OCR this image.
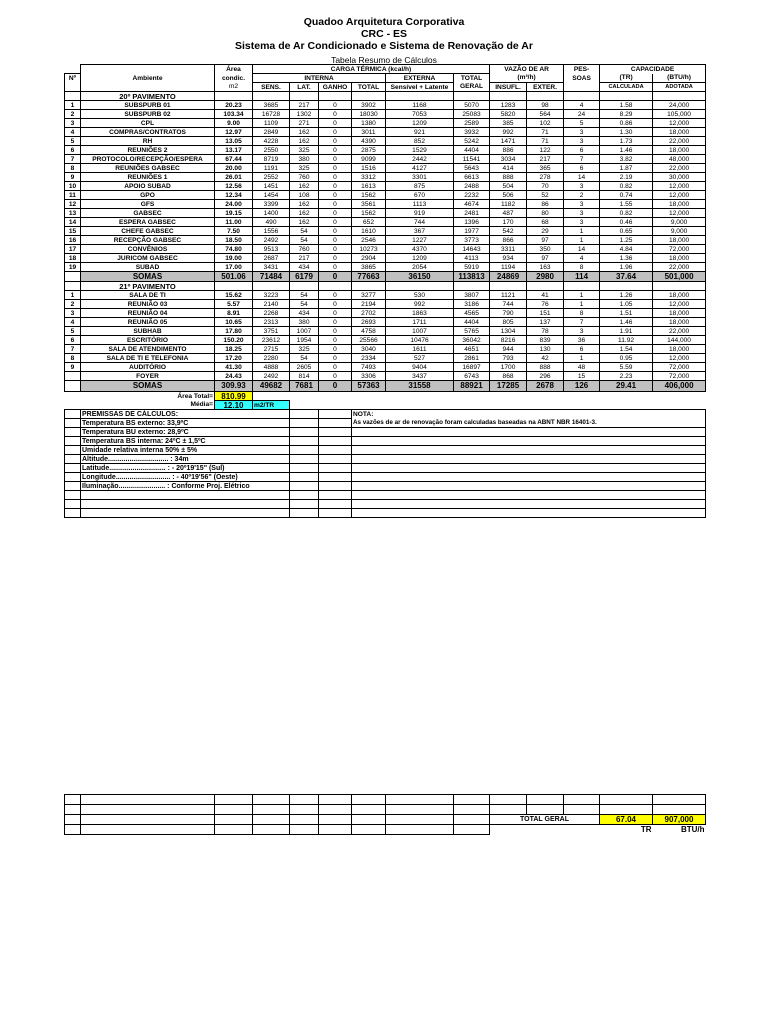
Quadoo Arquitetura Corporativa
CRC - ES
Sistema de Ar Condicionado e Sistema de Renovação de Ar
Tabela Resumo de Cálculos
		Área	CARGA TÉRMICA (kcal/h)						VAZÃO DE AR		PES-	CAPACIDADE	
Nº	Ambiente	condic.	INTERNA				EXTERNA	TOTAL	(m³/h)		SOAS	(TR)	(BTU/h)
		m2	SENS.	LAT.	GANHO	TOTAL	Sensível + Latente	GERAL	INSUFL.	EXTER.		CALCULADA	ADOTADA
	20º PAVIMENTO												
1	SUBSPURB 01	20.23	3685	217	0	3902	1168	5070	1283	98	4	1.58	24,000
2	SUBSPURB 02	103.34	16728	1302	0	18030	7053	25083	5820	564	24	8.29	105,000
3	CPL	9.00	1109	271	0	1380	1209	2589	385	102	5	0.86	12,000
4	COMPRAS/CONTRATOS	12.97	2849	162	0	3011	921	3932	992	71	3	1.30	18,000
5	RH	13.05	4228	162	0	4390	852	5242	1471	71	3	1.73	22,000
6	REUNIÕES 2	13.17	2550	325	0	2875	1529	4404	886	122	6	1.46	18,000
7	PROTOCOLO/RECEPÇÃO/ESPERA	67.44	8719	380	0	9099	2442	11541	3034	217	7	3.82	48,000
8	REUNIÕES GABSEC	20.00	1191	325	0	1516	4127	5643	414	365	6	1.87	22,000
9	REUNIÕES 1	26.01	2552	760	0	3312	3301	6613	888	278	14	2.19	30,000
10	APOIO SUBAD	12.56	1451	162	0	1613	875	2488	504	70	3	0.82	12,000
11	GPO	12.34	1454	108	0	1562	670	2232	506	52	2	0.74	12,000
12	GFS	24.00	3399	162	0	3561	1113	4674	1182	86	3	1.55	18,000
13	GABSEC	19.15	1400	162	0	1562	919	2481	487	80	3	0.82	12,000
14	ESPERA GABSEC	11.00	490	162	0	652	744	1396	170	68	3	0.46	9,000
15	CHEFE GABSEC	7.50	1556	54	0	1610	367	1977	542	29	1	0.65	9,000
16	RECEPÇÃO GABSEC	18.50	2492	54	0	2546	1227	3773	866	97	1	1.25	18,000
17	CONVÊNIOS	74.80	9513	760	0	10273	4370	14643	3311	350	14	4.84	72,000
18	JURICOM GABSEC	19.00	2687	217	0	2904	1209	4113	934	97	4	1.36	18,000
19	SUBAD	17.00	3431	434	0	3865	2054	5919	1194	163	8	1.96	22,000
	SOMAS	501.06	71484	6179	0	77663	36150	113813	24869	2980	114	37.64	501,000
	21º PAVIMENTO												
1	SALA DE TI	15.62	3223	54	0	3277	530	3807	1121	41	1	1.26	18,000
2	REUNIÃO 03	5.57	2140	54	0	2194	992	3186	744	76	1	1.05	12,000
3	REUNIÃO 04	8.91	2268	434	0	2702	1863	4565	790	151	8	1.51	18,000
4	REUNIÃO 05	10.65	2313	380	0	2693	1711	4404	805	137	7	1.46	18,000
5	SUBHAB	17.80	3751	1007	0	4758	1007	5765	1304	78	3	1.91	22,000
6	ESCRITÓRIO	150.20	23612	1954	0	25566	10476	36042	8216	839	36	11.92	144,000
7	SALA DE ATENDIMENTO	18.25	2715	325	0	3040	1611	4651	944	130	6	1.54	18,000
8	SALA DE TI E TELEFONIA	17.20	2280	54	0	2334	527	2861	793	42	1	0.95	12,000
9	AUDITÓRIO	41.30	4888	2605	0	7493	9404	16897	1700	888	48	5.59	72,000
	FOYER	24.43	2492	814	0	3306	3437	6743	868	296	15	2.23	72,000
	SOMAS	309.93	49682	7681	0	57363	31558	88921	17285	2678	126	29.41	406,000
	Área Total=	810.99											
	Média=	12.10	m2/TR										
	PREMISSAS DE CÁLCULOS:					NOTA:							
	Temperatura BS externo: 33,9ºC					As vazões de ar de renovação foram calculadas baseadas na ABNT NBR 16401-3.							
	Temperatura BU externo: 28,9ºC												
	Temperatura BS interna: 24ºC ± 1,5ºC												
	Umidade relativa interna 50% ± 5%												
	Altitude............................... : 34m												
	Latitude............................. : - 20º19'15" (Sul)												
	Longitude............................ : - 40º19'56" (Oeste)												
	Iluminação........................ : Conforme Proj. Elétrico												

									TOTAL GERAL			67.04	907,000
												TR	BTU/h
